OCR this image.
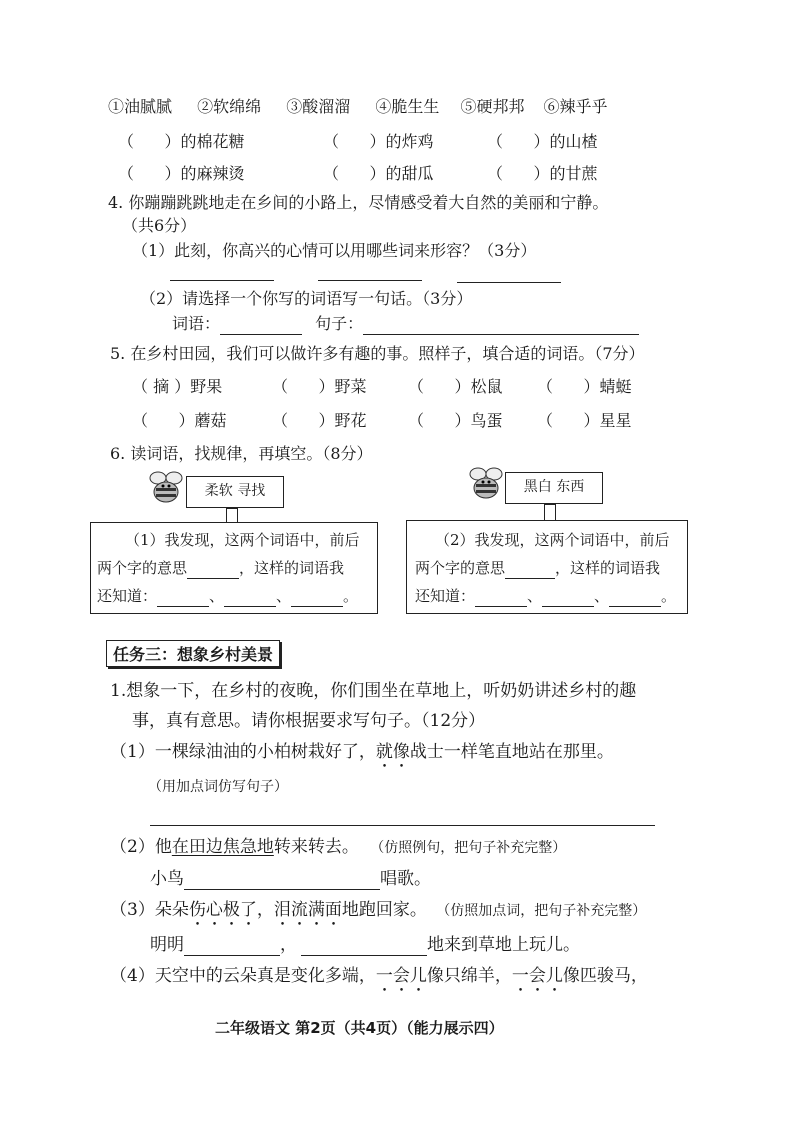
①油腻腻 ②软绵绵 ③酸溜溜 ④脆生生 ⑤硬邦邦 ⑥辣乎乎
（      ）的棉花糖	（      ）的炸鸡	（      ）的山楂
（      ）的麻辣烫	（      ）的甜瓜	（      ）的甘蔗
4. 你蹦蹦跳跳地走在乡间的小路上，尽情感受着大自然的美丽和宁静。
（共6分）
（1）此刻，你高兴的心情可以用哪些词来形容？（3分）
（2）请选择一个你写的词语写一句话。（3分）
词语：	句子：
5. 在乡村田园，我们可以做许多有趣的事。照样子，填合适的词语。（7分）
（ 摘 ）野果	（      ）野菜	（      ）松鼠 （      ）蜻蜓
（      ）蘑菇	（      ）野花	（      ）鸟蛋 （      ）星星
6. 读词语，找规律，再填空。（8分）
柔软 寻找	黑白 东西
（1）我发现，这两个词语中，前后
两个字的意思	，这样的词语我
还知道：	、	、	。
（2）我发现，这两个词语中，前后
两个字的意思	，这样的词语我
还知道：	、	、	。
任务三：想象乡村美景
1.想象一下，在乡村的夜晚，你们围坐在草地上，听奶奶讲述乡村的趣
事，真有意思。请你根据要求写句子。（12分）
（1）一棵绿油油的小柏树栽好了，就像战士一样笔直地站在那里。
（用加点词仿写句子）
（2）他在田边焦急地转来转去。 （仿照例句，把句子补充完整）
小鸟	唱歌。
（3）朵朵伤心极了，泪流满面地跑回家。 （仿照加点词，把句子补充完整）
明明	，	地来到草地上玩儿。
（4）天空中的云朵真是变化多端，一会儿像只绵羊，一会儿像匹骏马，
二年级语文 第2页（共4页）（能力展示四）
